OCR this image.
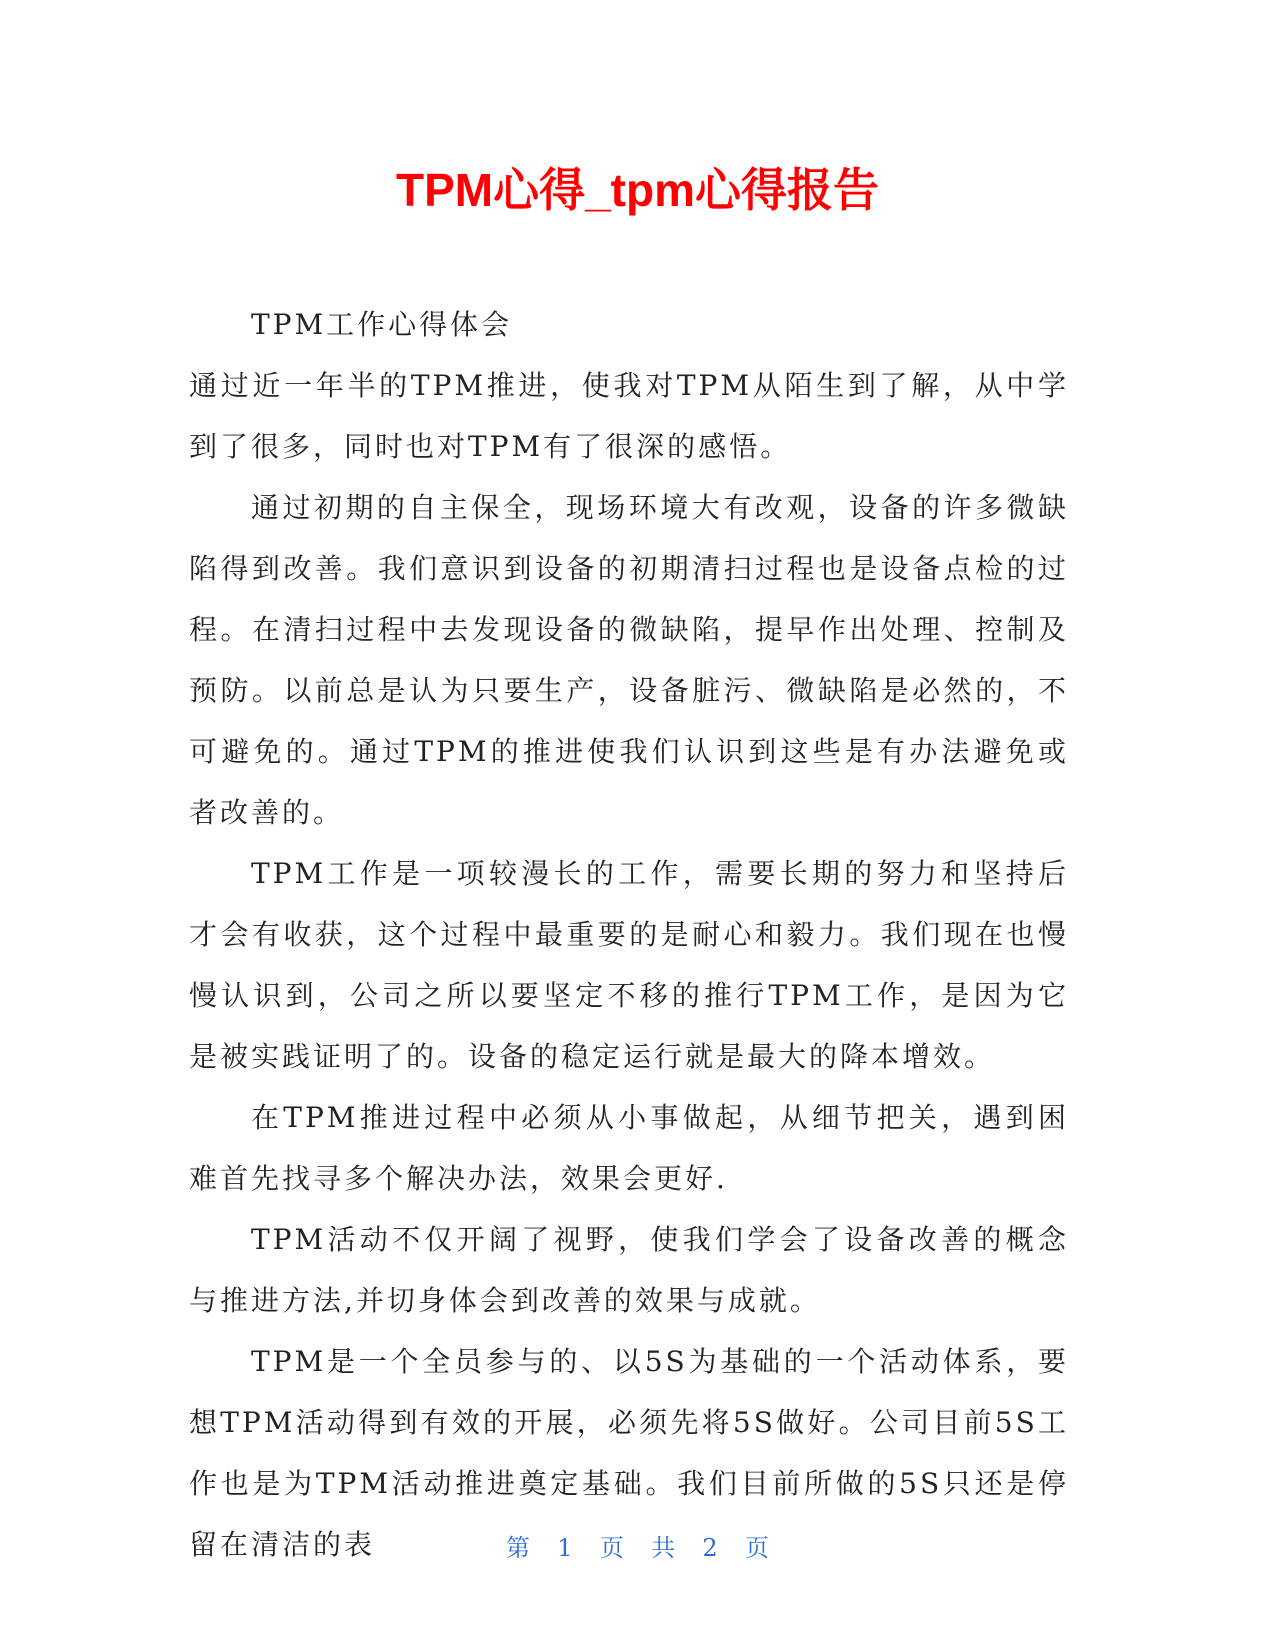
TPM心得_tpm心得报告

TPM工作心得体会

通过近一年半的TPM推进，使我对TPM从陌生到了解，从中学到了很多，同时也对TPM有了很深的感悟。

通过初期的自主保全，现场环境大有改观，设备的许多微缺陷得到改善。我们意识到设备的初期清扫过程也是设备点检的过程。在清扫过程中去发现设备的微缺陷，提早作出处理、控制及预防。以前总是认为只要生产，设备脏污、微缺陷是必然的，不可避免的。通过TPM的推进使我们认识到这些是有办法避免或者改善的。

TPM工作是一项较漫长的工作，需要长期的努力和坚持后才会有收获，这个过程中最重要的是耐心和毅力。我们现在也慢慢认识到，公司之所以要坚定不移的推行TPM工作，是因为它是被实践证明了的。设备的稳定运行就是最大的降本增效。

在TPM推进过程中必须从小事做起，从细节把关，遇到困难首先找寻多个解决办法，效果会更好.

TPM活动不仅开阔了视野，使我们学会了设备改善的概念与推进方法,并切身体会到改善的效果与成就。

TPM是一个全员参与的、以5S为基础的一个活动体系，要想TPM活动得到有效的开展，必须先将5S做好。公司目前5S工作也是为TPM活动推进奠定基础。我们目前所做的5S只还是停留在清洁的表	第 1 页 共 2 页
